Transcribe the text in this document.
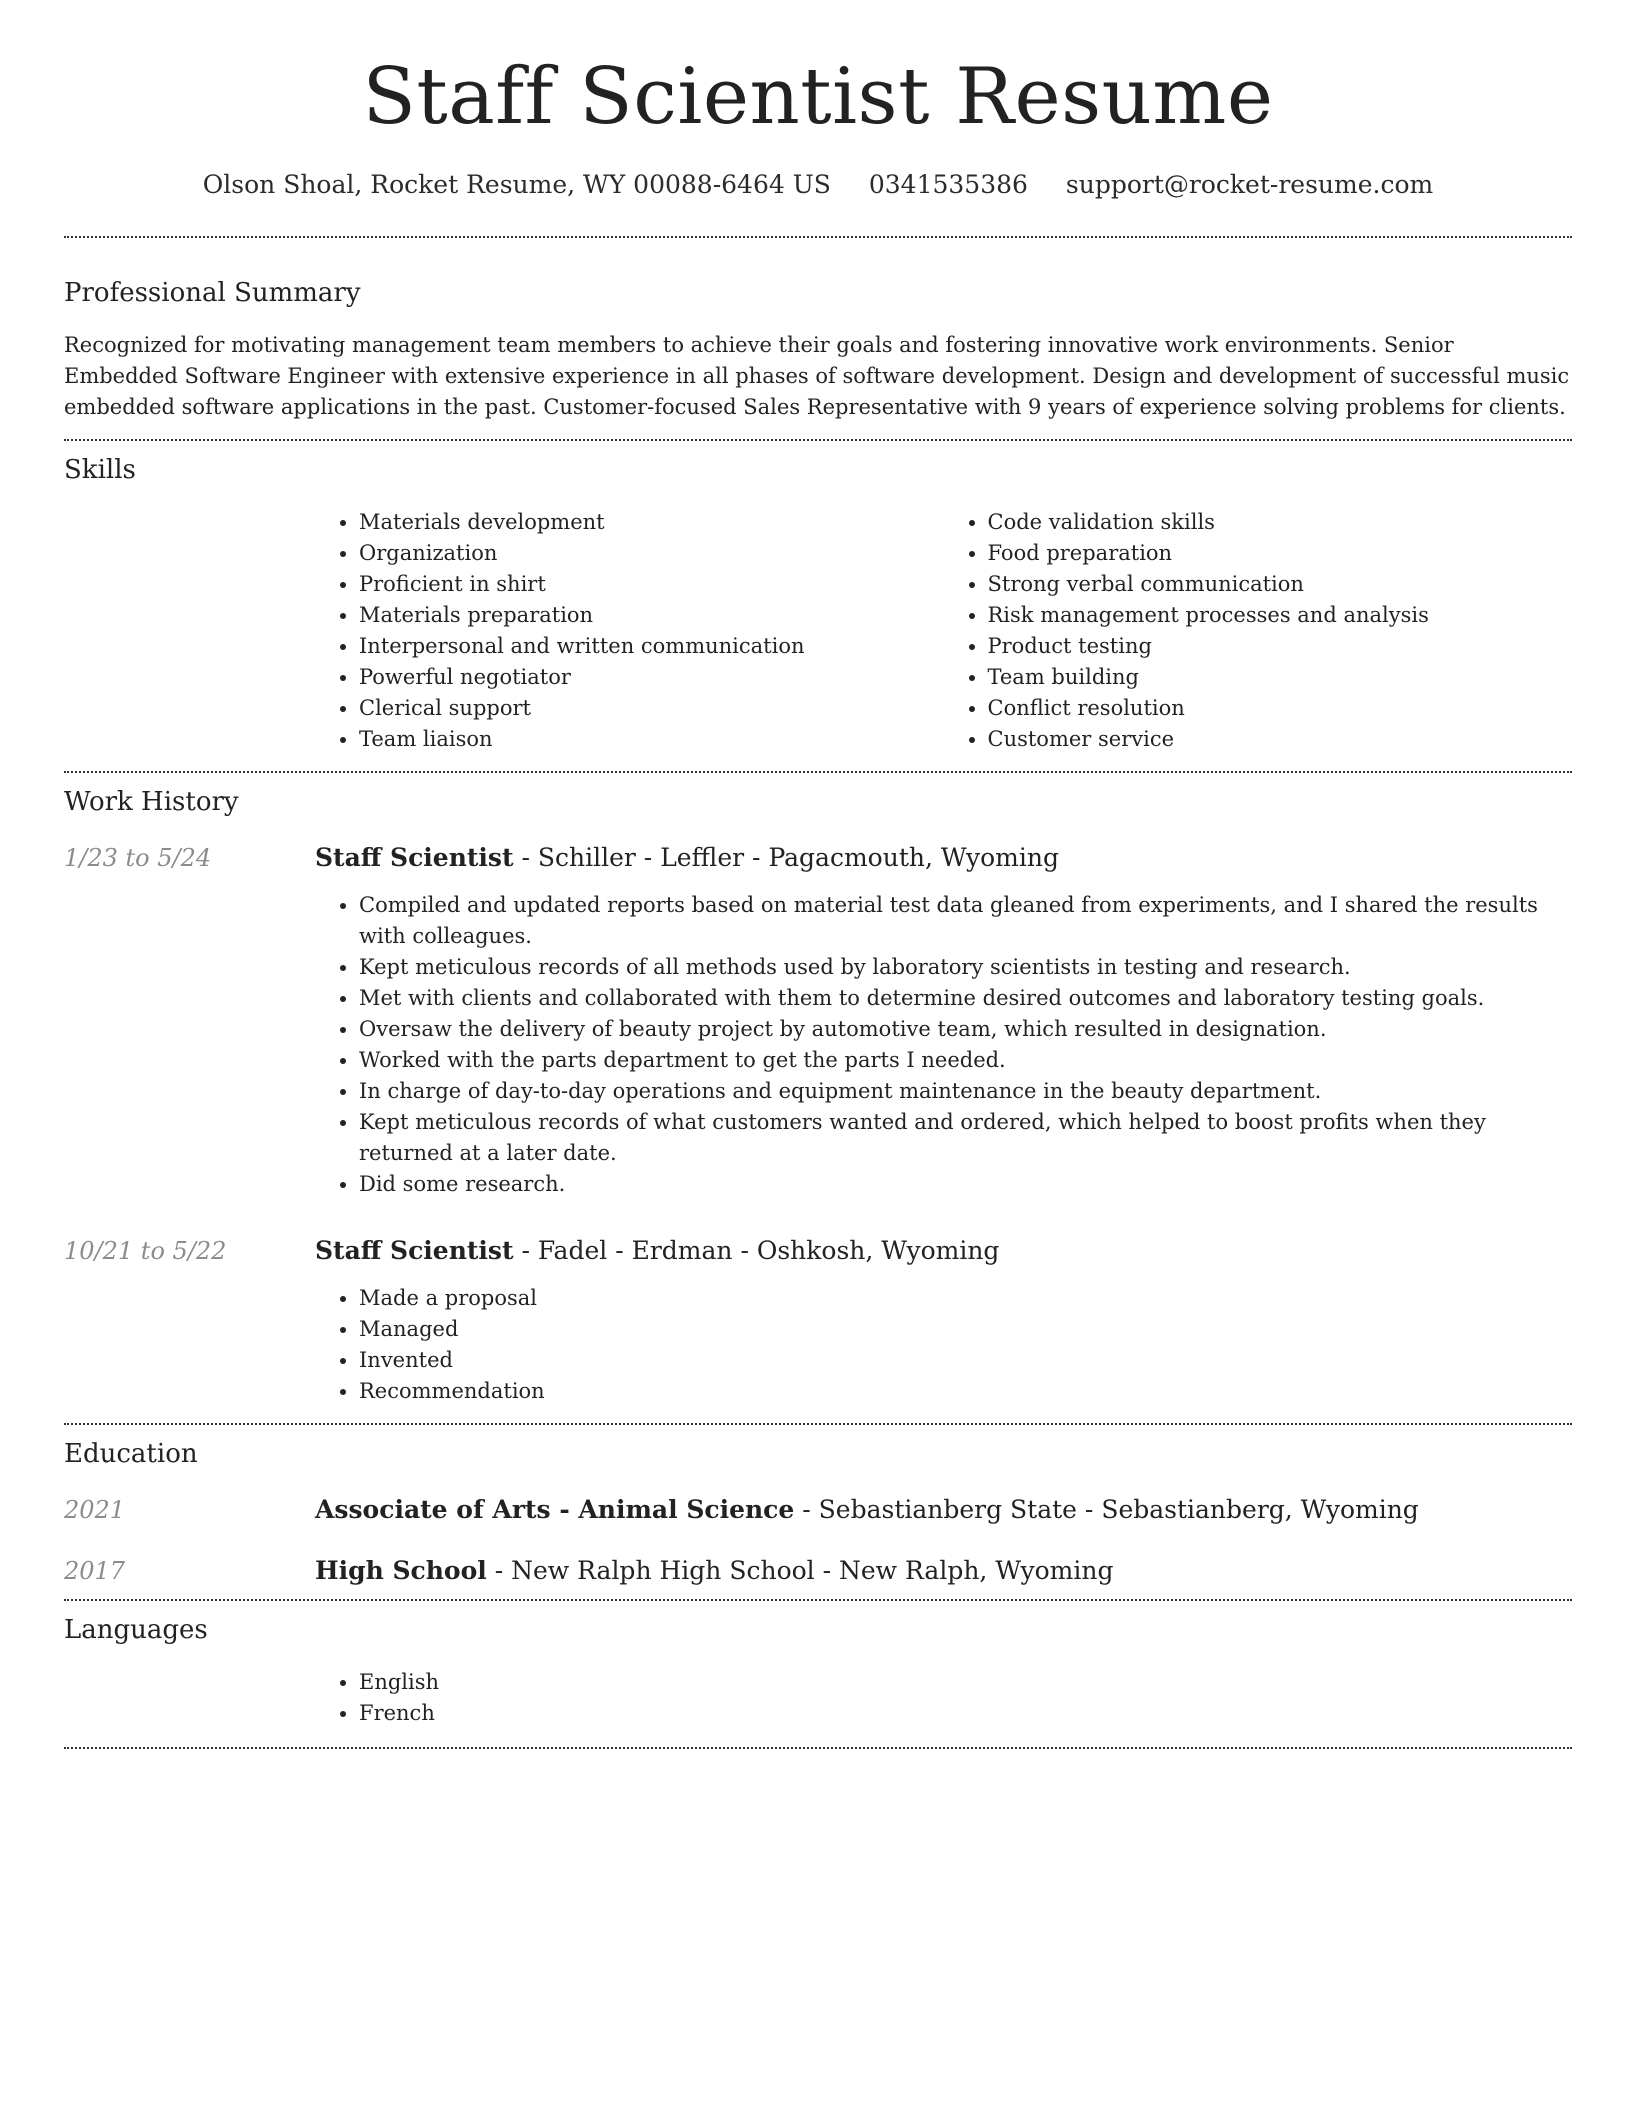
Staff Scientist Resume
Olson Shoal, Rocket Resume, WY 00088-6464 US 0341535386 support@rocket-resume.com
Professional Summary

Recognized for motivating management team members to achieve their goals and fostering innovative work environments. Senior Embedded Software Engineer with extensive experience in all phases of software development. Design and development of successful music embedded software applications in the past. Customer-focused Sales Representative with 9 years of experience solving problems for clients.

Skills
• Materials development
• Organization
• Proficient in shirt
• Materials preparation
• Interpersonal and written communication
• Powerful negotiator
• Clerical support
• Team liaison
• Code validation skills
• Food preparation
• Strong verbal communication
• Risk management processes and analysis
• Product testing
• Team building
• Conflict resolution
• Customer service
Work History
1/23 to 5/24	Staff Scientist - Schiller - Leffler - Pagacmouth, Wyoming
• Compiled and updated reports based on material test data gleaned from experiments, and I shared the results with colleagues.
• Kept meticulous records of all methods used by laboratory scientists in testing and research.
• Met with clients and collaborated with them to determine desired outcomes and laboratory testing goals.
• Oversaw the delivery of beauty project by automotive team, which resulted in designation.
• Worked with the parts department to get the parts I needed.
• In charge of day-to-day operations and equipment maintenance in the beauty department.
• Kept meticulous records of what customers wanted and ordered, which helped to boost profits when they returned at a later date.
• Did some research.
10/21 to 5/22	Staff Scientist - Fadel - Erdman - Oshkosh, Wyoming
• Made a proposal
• Managed
• Invented
• Recommendation
Education
2021	Associate of Arts - Animal Science - Sebastianberg State - Sebastianberg, Wyoming
2017	High School - New Ralph High School - New Ralph, Wyoming
Languages
• English
• French
